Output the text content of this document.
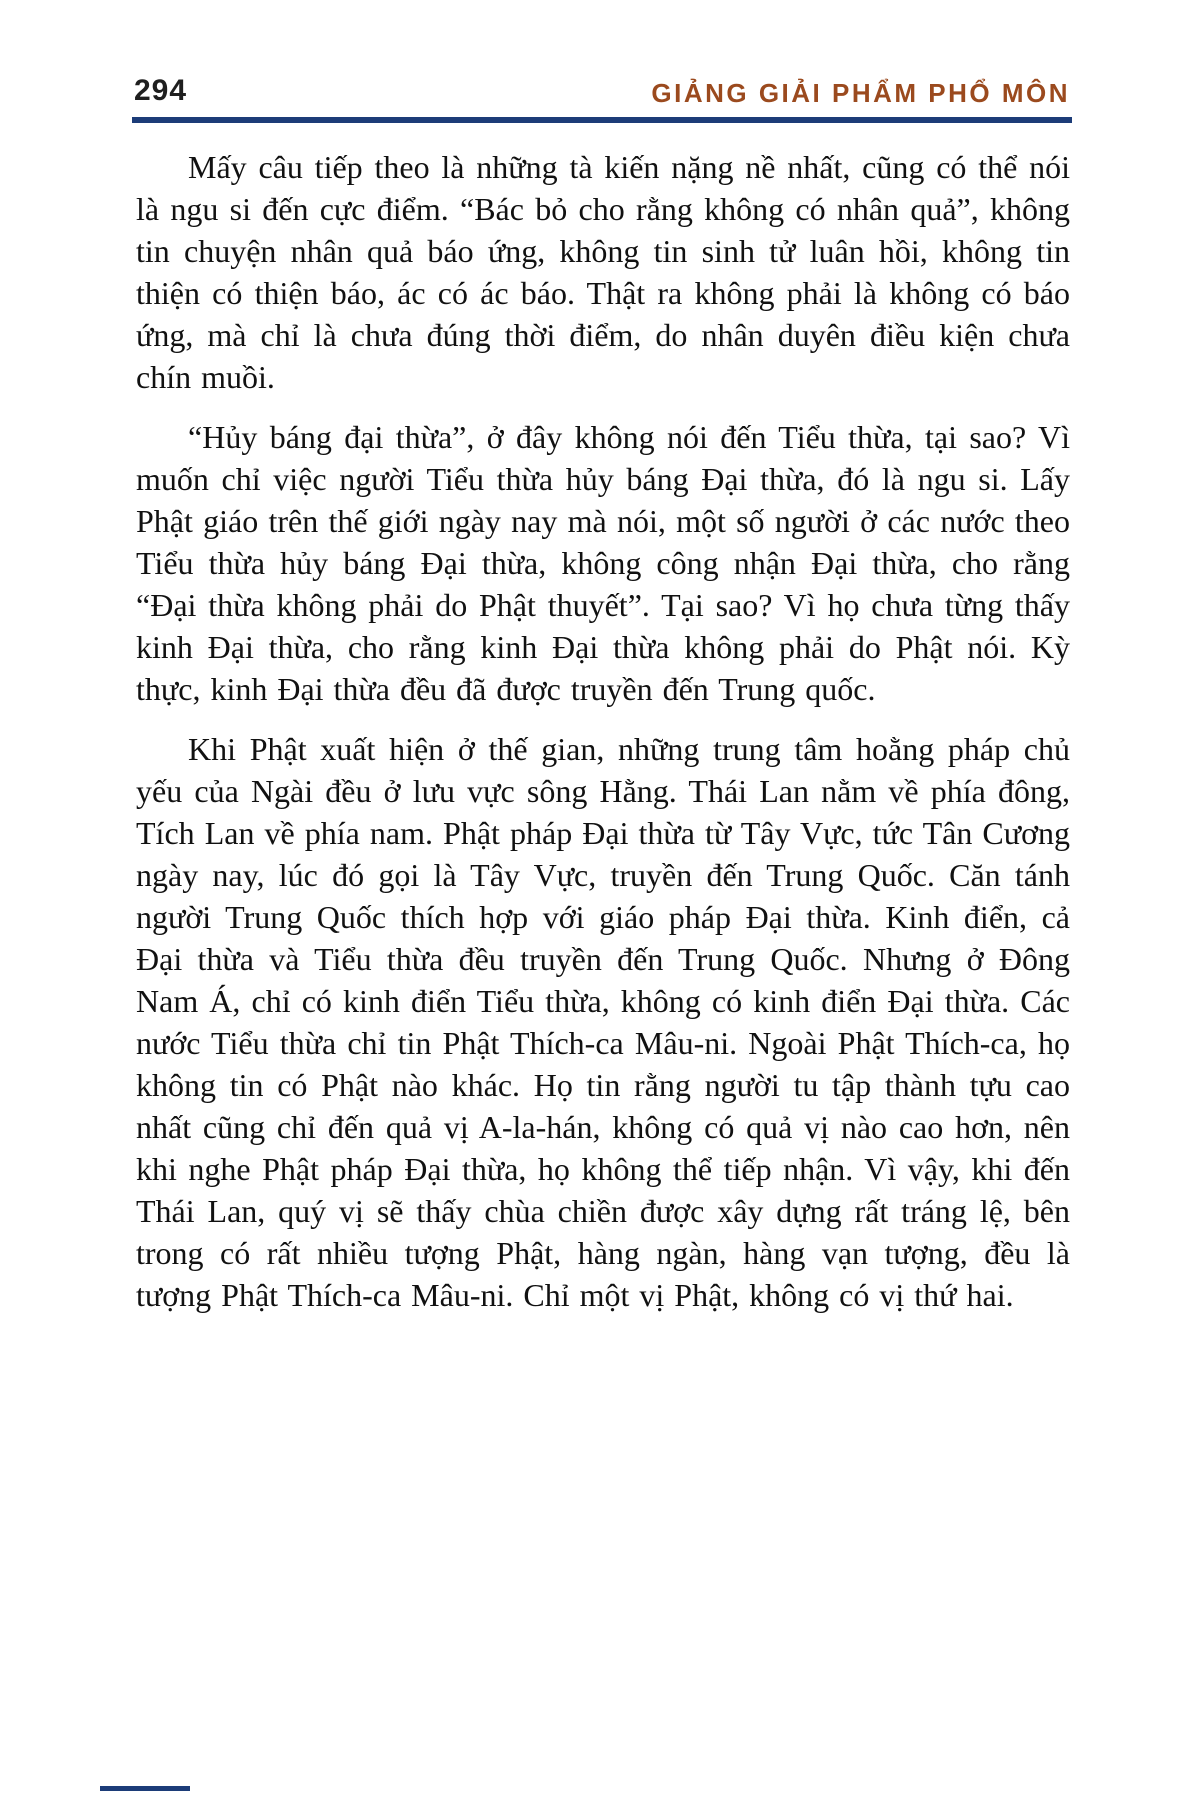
294	GIẢNG GIẢI PHẨM PHỔ MÔN

Mấy câu tiếp theo là những tà kiến nặng nề nhất, cũng có thể nói là ngu si đến cực điểm. “Bác bỏ cho rằng không có nhân quả”, không tin chuyện nhân quả báo ứng, không tin sinh tử luân hồi, không tin thiện có thiện báo, ác có ác báo. Thật ra không phải là không có báo ứng, mà chỉ là chưa đúng thời điểm, do nhân duyên điều kiện chưa chín muồi.

“Hủy báng đại thừa”, ở đây không nói đến Tiểu thừa, tại sao? Vì muốn chỉ việc người Tiểu thừa hủy báng Đại thừa, đó là ngu si. Lấy Phật giáo trên thế giới ngày nay mà nói, một số người ở các nước theo Tiểu thừa hủy báng Đại thừa, không công nhận Đại thừa, cho rằng “Đại thừa không phải do Phật thuyết”. Tại sao? Vì họ chưa từng thấy kinh Đại thừa, cho rằng kinh Đại thừa không phải do Phật nói. Kỳ thực, kinh Đại thừa đều đã được truyền đến Trung quốc.

Khi Phật xuất hiện ở thế gian, những trung tâm hoằng pháp chủ yếu của Ngài đều ở lưu vực sông Hằng. Thái Lan nằm về phía đông, Tích Lan về phía nam. Phật pháp Đại thừa từ Tây Vực, tức Tân Cương ngày nay, lúc đó gọi là Tây Vực, truyền đến Trung Quốc. Căn tánh người Trung Quốc thích hợp với giáo pháp Đại thừa. Kinh điển, cả Đại thừa và Tiểu thừa đều truyền đến Trung Quốc. Nhưng ở Đông Nam Á, chỉ có kinh điển Tiểu thừa, không có kinh điển Đại thừa. Các nước Tiểu thừa chỉ tin Phật Thích-ca Mâu-ni. Ngoài Phật Thích-ca, họ không tin có Phật nào khác. Họ tin rằng người tu tập thành tựu cao nhất cũng chỉ đến quả vị A-la-hán, không có quả vị nào cao hơn, nên khi nghe Phật pháp Đại thừa, họ không thể tiếp nhận. Vì vậy, khi đến Thái Lan, quý vị sẽ thấy chùa chiền được xây dựng rất tráng lệ, bên trong có rất nhiều tượng Phật, hàng ngàn, hàng vạn tượng, đều là tượng Phật Thích-ca Mâu-ni. Chỉ một vị Phật, không có vị thứ hai.
